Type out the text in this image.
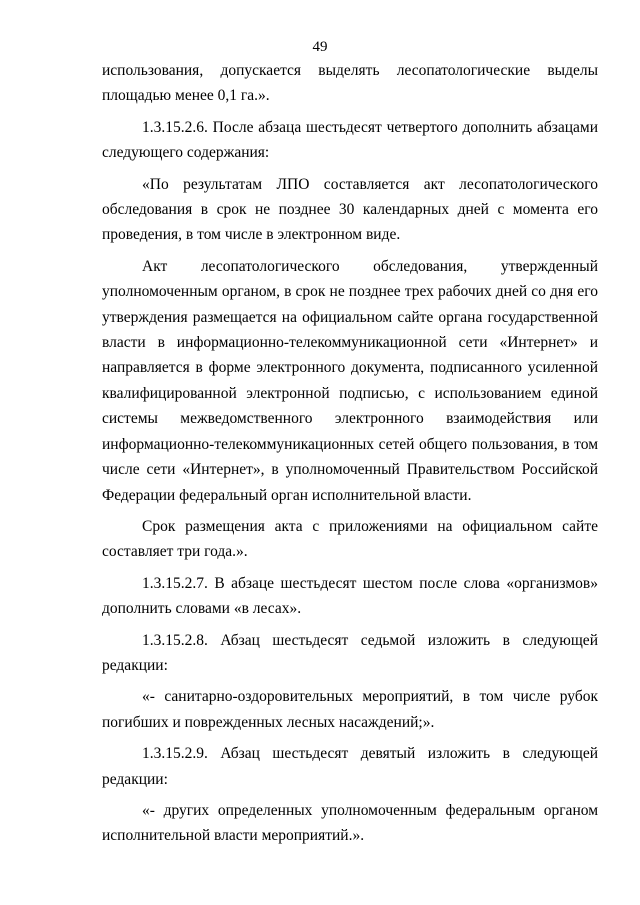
49

использования, допускается выделять лесопатологические выделы площадью менее 0,1 га.».

1.3.15.2.6. После абзаца шестьдесят четвертого дополнить абзацами следующего содержания:

«По результатам ЛПО составляется акт лесопатологического обследования в срок не позднее 30 календарных дней с момента его проведения, в том числе в электронном виде.

Акт лесопатологического обследования, утвержденный уполномоченным органом, в срок не позднее трех рабочих дней со дня его утверждения размещается на официальном сайте органа государственной власти в информационно-телекоммуникационной сети «Интернет» и направляется в форме электронного документа, подписанного усиленной квалифицированной электронной подписью, с использованием единой системы межведомственного электронного взаимодействия или информационно-телекоммуникационных сетей общего пользования, в том числе сети «Интернет», в уполномоченный Правительством Российской Федерации федеральный орган исполнительной власти.

Срок размещения акта с приложениями на официальном сайте составляет три года.».

1.3.15.2.7. В абзаце шестьдесят шестом после слова «организмов» дополнить словами «в лесах».

1.3.15.2.8. Абзац шестьдесят седьмой изложить в следующей редакции:

«- санитарно-оздоровительных мероприятий, в том числе рубок погибших и поврежденных лесных насаждений;».

1.3.15.2.9. Абзац шестьдесят девятый изложить в следующей редакции:

«- других определенных уполномоченным федеральным органом исполнительной власти мероприятий.».
